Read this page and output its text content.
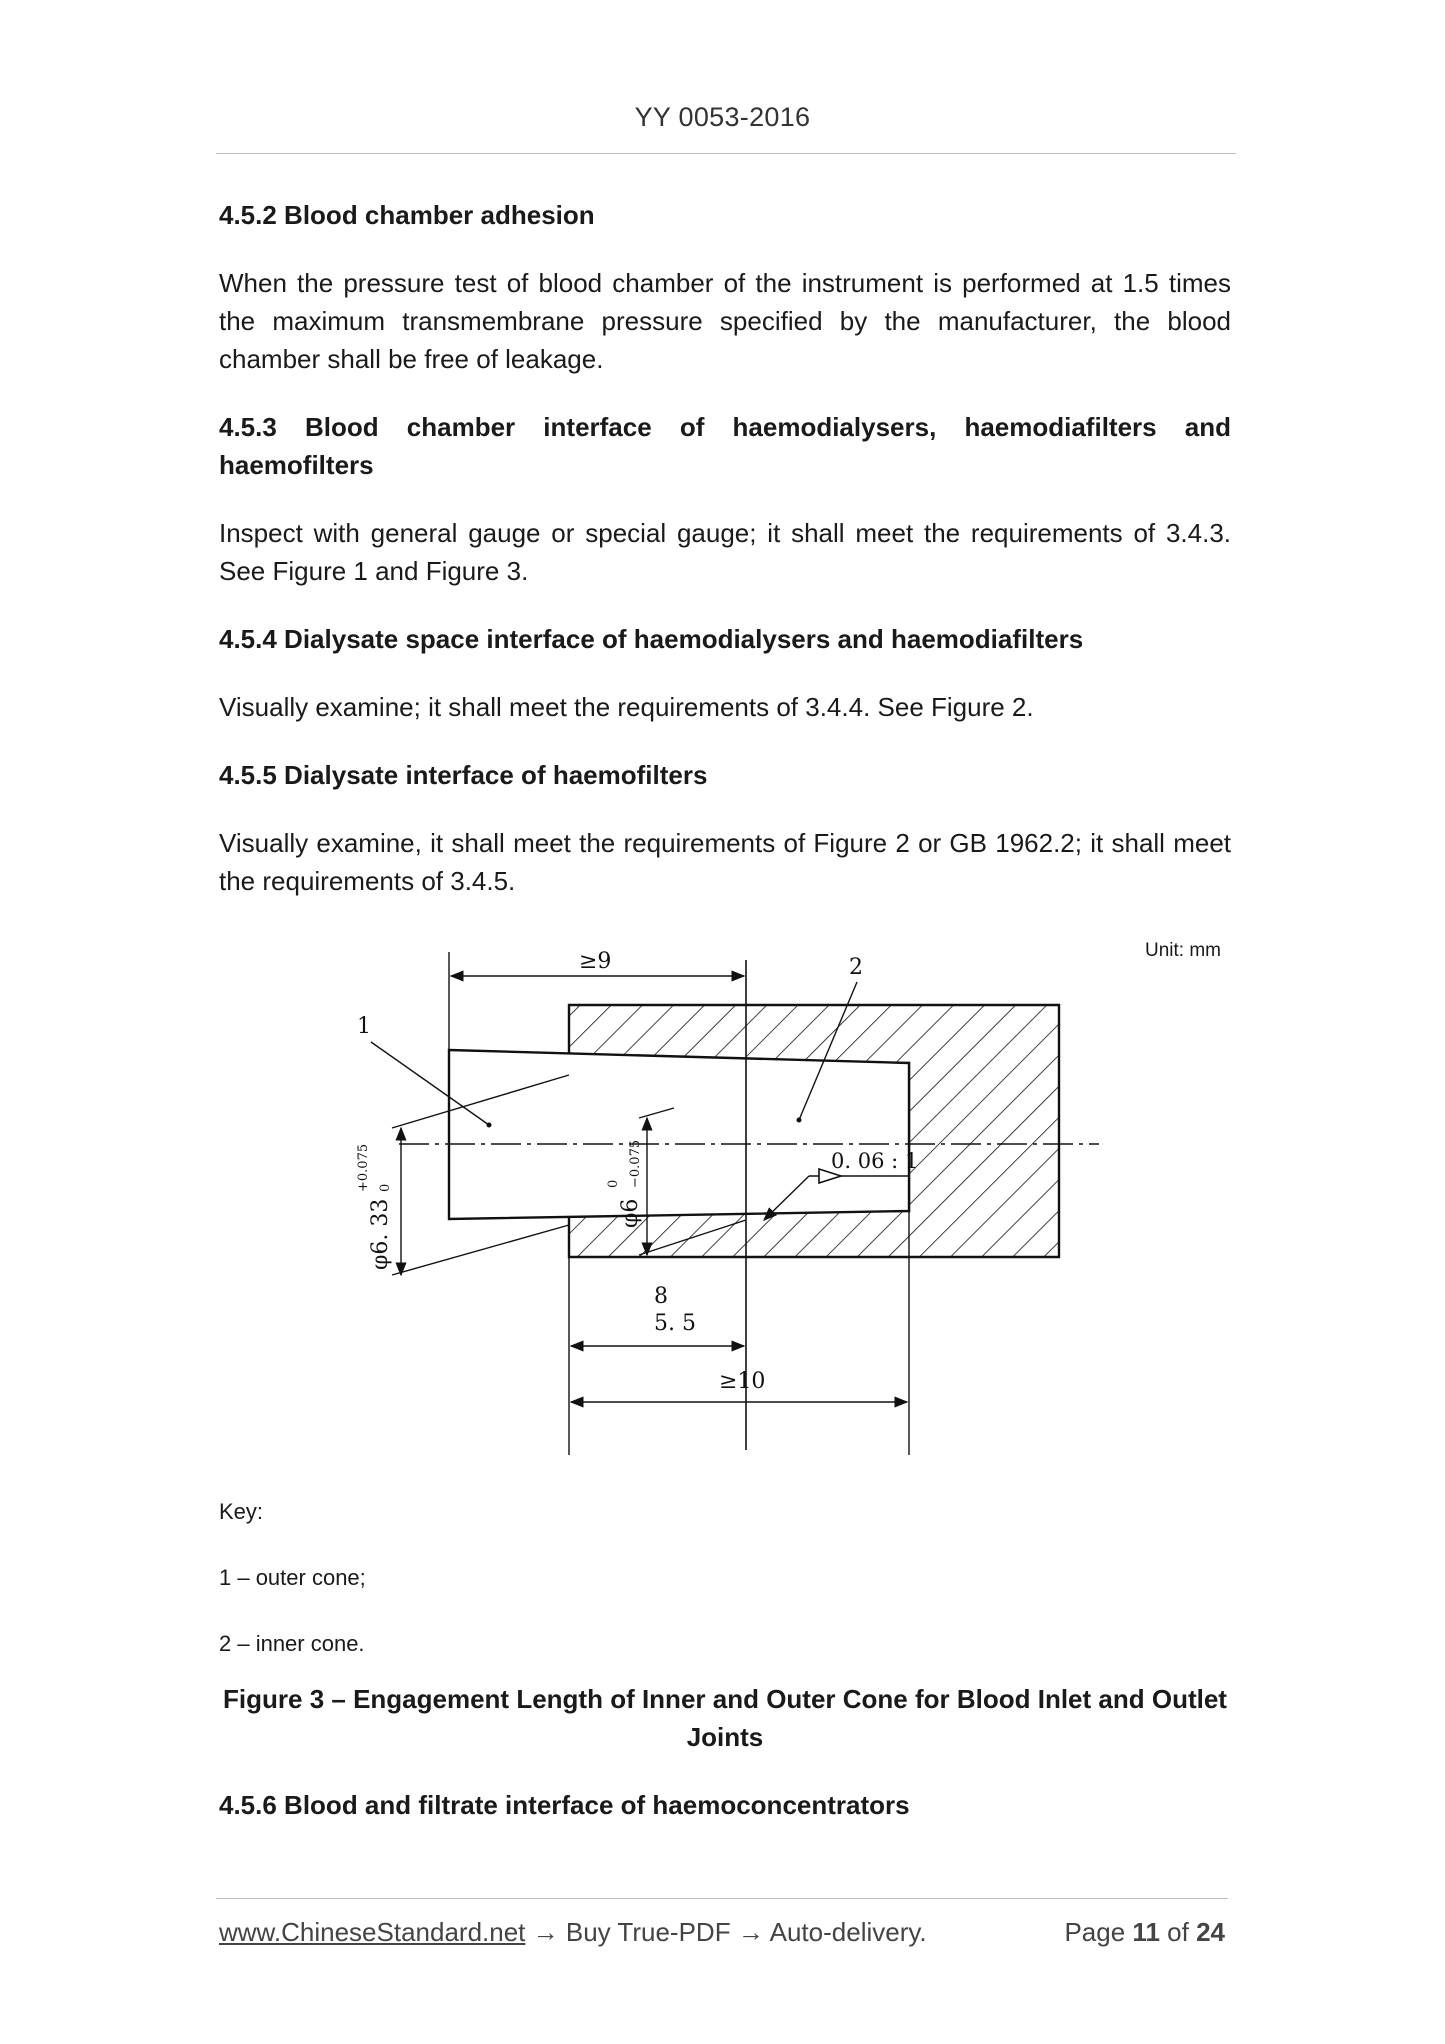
YY 0053-2016
4.5.2 Blood chamber adhesion
When the pressure test of blood chamber of the instrument is performed at 1.5 times the maximum transmembrane pressure specified by the manufacturer, the blood chamber shall be free of leakage.
4.5.3 Blood chamber interface of haemodialysers, haemodiafilters and haemofilters
Inspect with general gauge or special gauge; it shall meet the requirements of 3.4.3. See Figure 1 and Figure 3.
4.5.4 Dialysate space interface of haemodialysers and haemodiafilters
Visually examine; it shall meet the requirements of 3.4.4. See Figure 2.
4.5.5 Dialysate interface of haemofilters
Visually examine, it shall meet the requirements of Figure 2 or GB 1962.2; it shall meet the requirements of 3.4.5.
Unit: mm
≥9	2
1
φ6. 33
+0.075 0
φ6
0 −0.075	0. 06 : 1
8
5. 5
≥10
Key:
1 – outer cone;
2 – inner cone.
Figure 3 – Engagement Length of Inner and Outer Cone for Blood Inlet and Outlet Joints
4.5.6 Blood and filtrate interface of haemoconcentrators
www.ChineseStandard.net → Buy True-PDF → Auto-delivery.	Page 11 of 24
